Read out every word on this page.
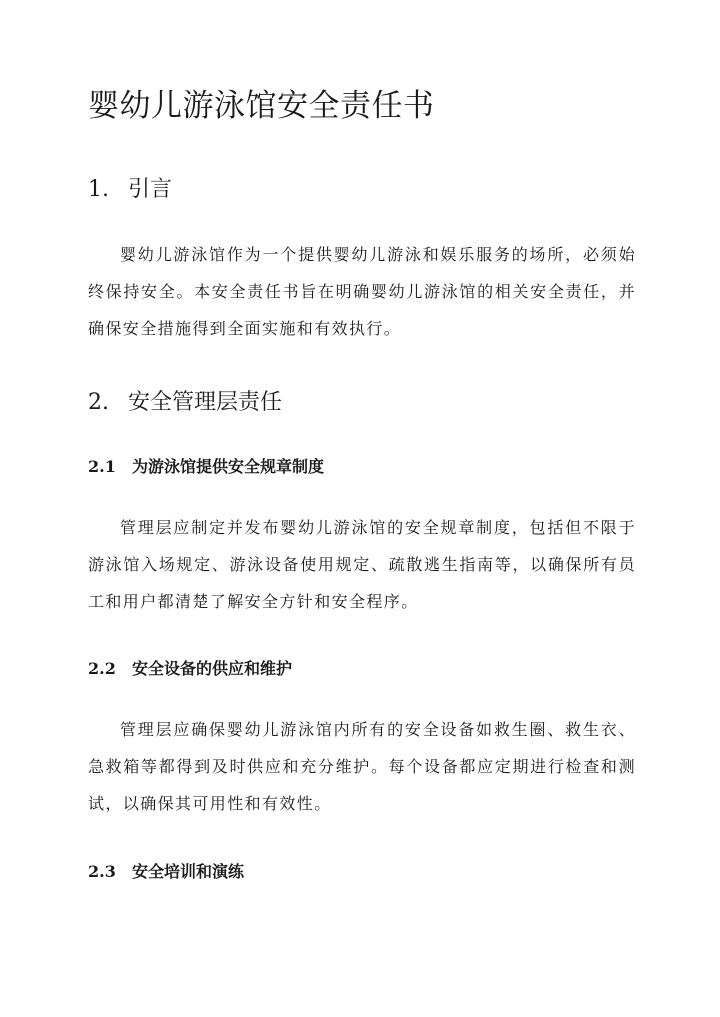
婴幼儿游泳馆安全责任书
1. 引言

婴幼儿游泳馆作为一个提供婴幼儿游泳和娱乐服务的场所，必须始终保持安全。本安全责任书旨在明确婴幼儿游泳馆的相关安全责任，并确保安全措施得到全面实施和有效执行。

2. 安全管理层责任
2.1 为游泳馆提供安全规章制度

管理层应制定并发布婴幼儿游泳馆的安全规章制度，包括但不限于游泳馆入场规定、游泳设备使用规定、疏散逃生指南等，以确保所有员工和用户都清楚了解安全方针和安全程序。

2.2 安全设备的供应和维护

管理层应确保婴幼儿游泳馆内所有的安全设备如救生圈、救生衣、急救箱等都得到及时供应和充分维护。每个设备都应定期进行检查和测试，以确保其可用性和有效性。

2.3 安全培训和演练
